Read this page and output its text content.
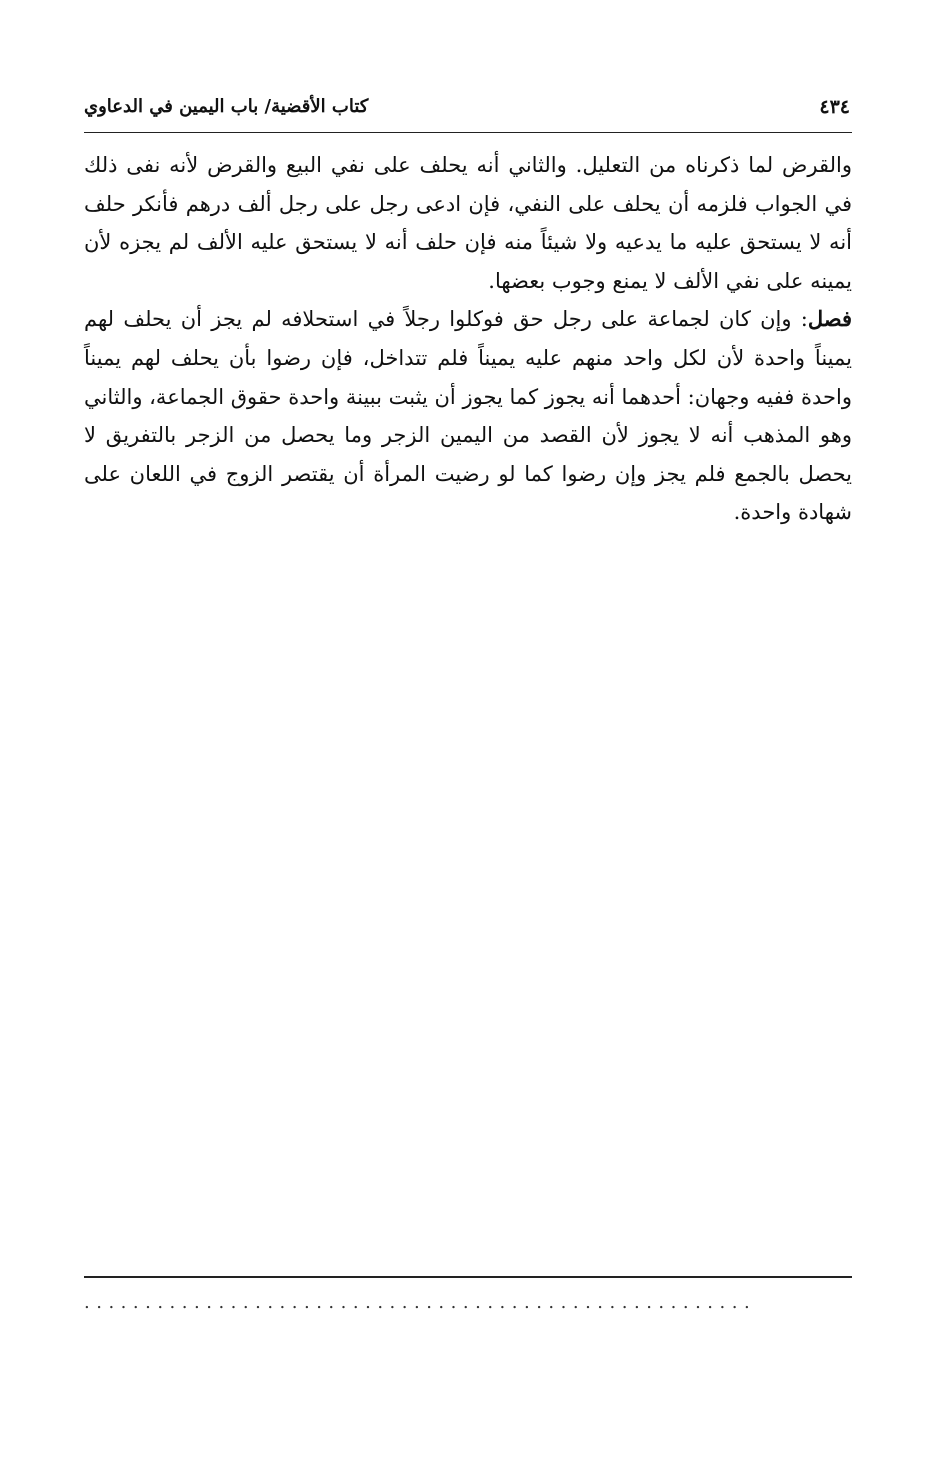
٤٣٤
كتاب الأقضية/ باب اليمين في الدعاوي

والقرض لما ذكرناه من التعليل. والثاني أنه يحلف على نفي البيع والقرض لأنه نفى ذلك في الجواب فلزمه أن يحلف على النفي، فإن ادعى رجل على رجل ألف درهم فأنكر حلف أنه لا يستحق عليه ما يدعيه ولا شيئاً منه فإن حلف أنه لا يستحق عليه الألف لم يجزه لأن يمينه على نفي الألف لا يمنع وجوب بعضها.

فصل: وإن كان لجماعة على رجل حق فوكلوا رجلاً في استحلافه لم يجز أن يحلف لهم يميناً واحدة لأن لكل واحد منهم عليه يميناً فلم تتداخل، فإن رضوا بأن يحلف لهم يميناً واحدة ففيه وجهان: أحدهما أنه يجوز كما يجوز أن يثبت ببينة واحدة حقوق الجماعة، والثاني وهو المذهب أنه لا يجوز لأن القصد من اليمين الزجر وما يحصل من الزجر بالتفريق لا يحصل بالجمع فلم يجز وإن رضوا كما لو رضيت المرأة أن يقتصر الزوج في اللعان على شهادة واحدة.

.......................................................
